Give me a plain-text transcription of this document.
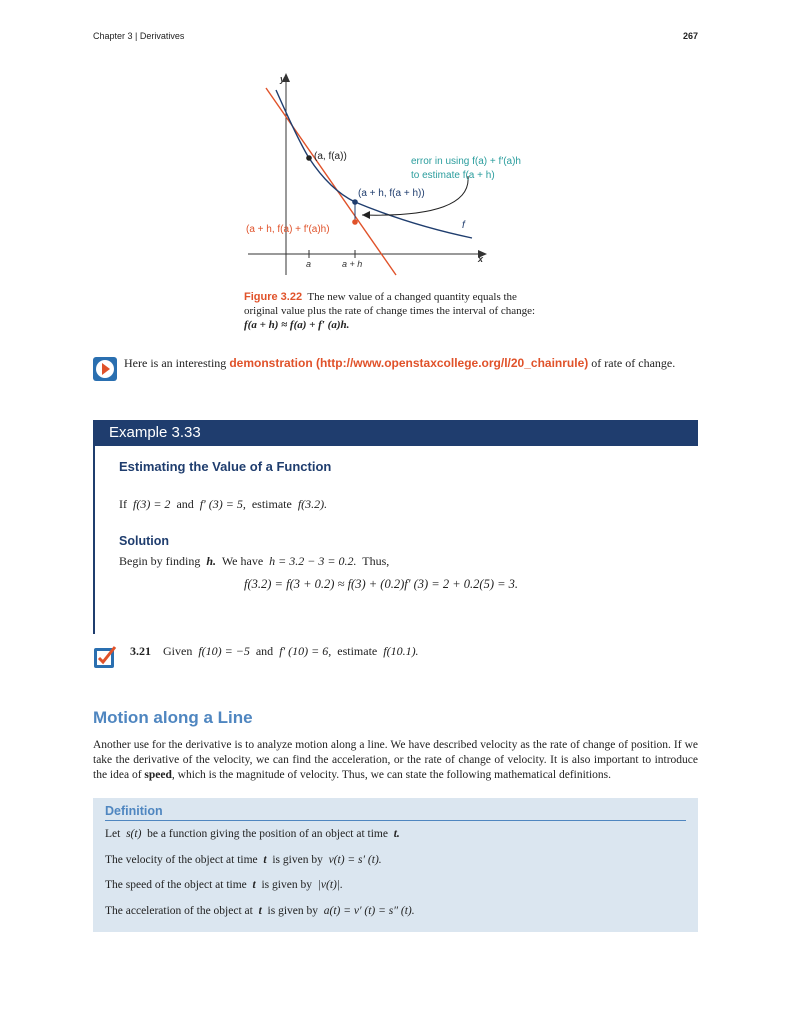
Chapter 3 | Derivatives	267
y
x
a	a + h
(a, f(a))
(a + h, f(a + h))
(a + h, f(a) + f′(a)h)
error in using f(a) + f′(a)h
to estimate f(a + h)
f
Figure 3.22 The new value of a changed quantity equals the original value plus the rate of change times the interval of change: f(a + h) ≈ f(a) + f′ (a)h.
Here is an interesting demonstration (http://www.openstaxcollege.org/l/20_chainrule) of rate of change.
Example 3.33
Estimating the Value of a Function
If f(3) = 2 and f′ (3) = 5, estimate f(3.2).
Solution
Begin by finding h. We have h = 3.2 − 3 = 0.2. Thus,
f(3.2) = f(3 + 0.2) ≈ f(3) + (0.2)f′ (3) = 2 + 0.2(5) = 3.
3.21 Given f(10) = −5 and f′ (10) = 6, estimate f(10.1).
Motion along a Line
Another use for the derivative is to analyze motion along a line. We have described velocity as the rate of change of position. If we take the derivative of the velocity, we can find the acceleration, or the rate of change of velocity. It is also important to introduce the idea of speed, which is the magnitude of velocity. Thus, we can state the following mathematical definitions.
Definition
Let s(t) be a function giving the position of an object at time t.
The velocity of the object at time t is given by v(t) = s′ (t).
The speed of the object at time t is given by |v(t)|.
The acceleration of the object at t is given by a(t) = v′ (t) = s″ (t).
